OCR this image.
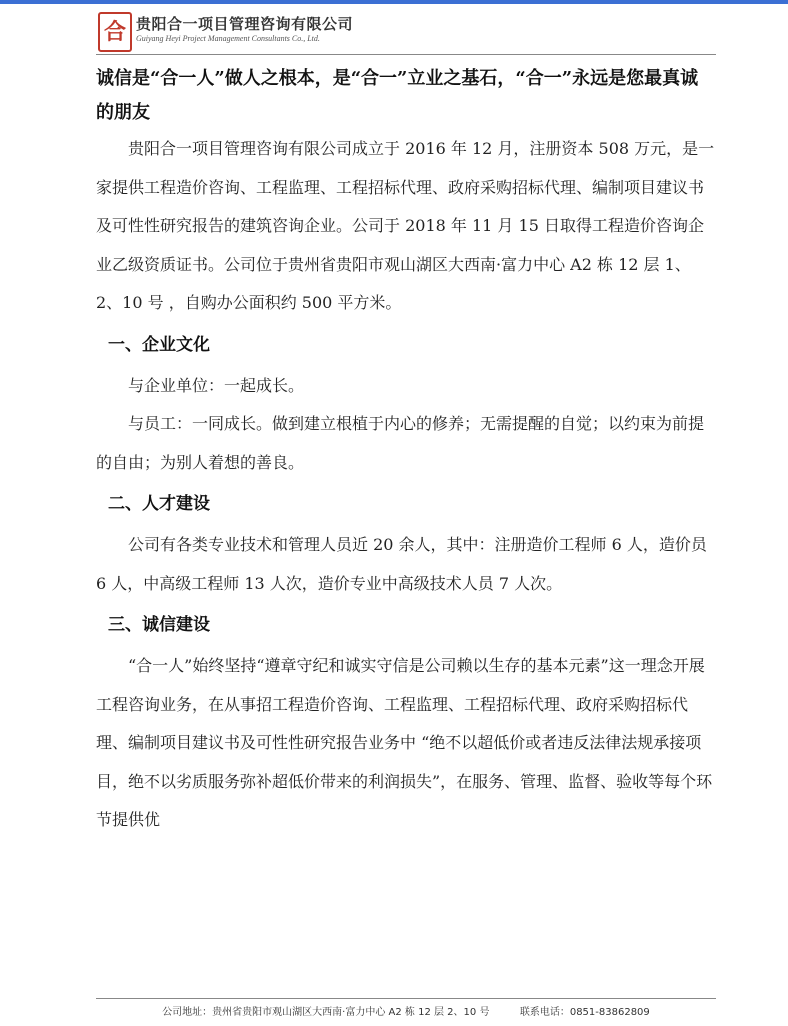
合 贵阳合一项目管理咨询有限公司
Guiyang Heyi Project Management Consultants Co., Ltd.

诚信是“合一人”做人之根本，是“合一”立业之基石，“合一”永远是您最真诚的朋友

贵阳合一项目管理咨询有限公司成立于 2016 年 12 月，注册资本 508 万元，是一家提供工程造价咨询、工程监理、工程招标代理、政府采购招标代理、编制项目建议书及可性性研究报告的建筑咨询企业。公司于 2018 年 11 月 15 日取得工程造价咨询企业乙级资质证书。公司位于贵州省贵阳市观山湖区大西南·富力中心 A2 栋 12 层 1、2、10 号 ，自购办公面积约 500 平方米。

一、企业文化

与企业单位：一起成长。

与员工：一同成长。做到建立根植于内心的修养；无需提醒的自觉；以约束为前提的自由；为别人着想的善良。

二、人才建设

公司有各类专业技术和管理人员近 20 余人，其中：注册造价工程师 6 人，造价员 6 人，中高级工程师 13 人次，造价专业中高级技术人员 7 人次。

三、诚信建设

“合一人”始终坚持“遵章守纪和诚实守信是公司赖以生存的基本元素”这一理念开展工程咨询业务，在从事招工程造价咨询、工程监理、工程招标代理、政府采购招标代理、编制项目建议书及可性性研究报告业务中 “绝不以超低价或者违反法律法规承接项目，绝不以劣质服务弥补超低价带来的利润损失”，在服务、管理、监督、验收等每个环节提供优

公司地址：贵州省贵阳市观山湖区大西南·富力中心 A2 栋 12 层 2、10 号	联系电话：0851-83862809
